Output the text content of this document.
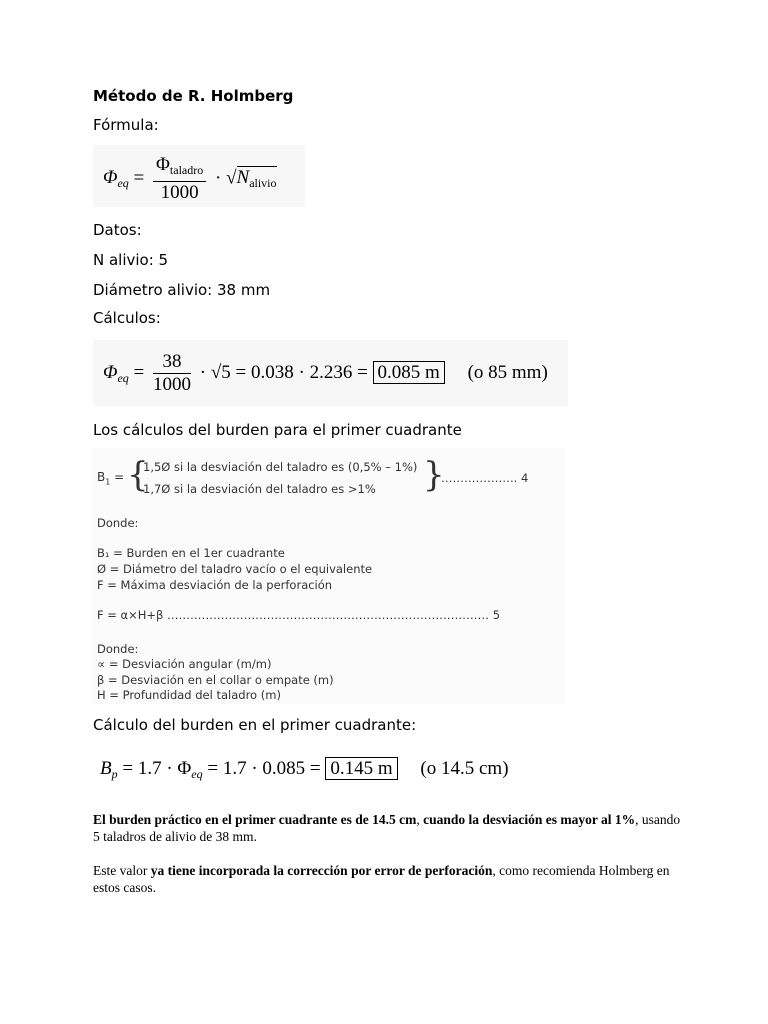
Método de R. Holmberg
Fórmula:
$\Phi_{eq} = \frac{\Phi_{taladro}}{1000} \cdot √N_{alivio}$
Datos:
N alivio: 5
Diámetro alivio: 38 mm
Cálculos:
$\Phi_{eq} = \frac{38}{1000} \cdot √5 = 0.038 \cdot 2.236 = 0.085$ m (o 85 mm)
Los cálculos del burden para el primer cuadrante
$B_1$ = {
1,5Ø si la desviación del taladro es (0,5% – 1%)
1,7Ø si la desviación del taladro es >1% }
……………….. 4
Donde:
B₁ = Burden en el 1er cuadrante
Ø = Diámetro del taladro vacío o el equivalente
F = Máxima desviación de la perforación
F = α×H+β ………………………………………………………………………… 5
Donde:
∝ = Desviación angular (m/m)
β = Desviación en el collar o empate (m)
H = Profundidad del taladro (m)
Cálculo del burden en el primer cuadrante:
$B_p = 1.7 \cdot \Phi_{eq} = 1.7 \cdot 0.085 = 0.145$ m (o 14.5 cm)
El burden práctico en el primer cuadrante es de 14.5 cm, cuando la desviación es mayor al 1%, usando 5 taladros de alivio de 38 mm.
Este valor ya tiene incorporada la corrección por error de perforación, como recomienda Holmberg en estos casos.
